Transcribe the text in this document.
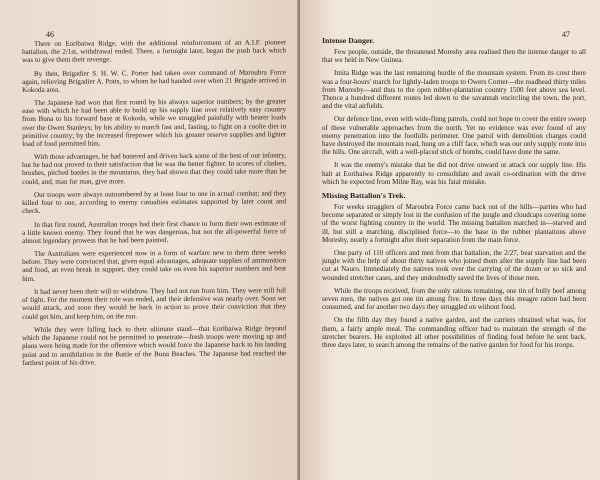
46

There on Eoribaiwa Ridge, with the additional reinforcement of an A.I.F. pioneer battalion, the 2/1st, withdrawal ended. There, a fortnight later, began the push back which was to give them their revenge.

By then, Brigadier S. H. W. C. Porter had taken over command of Maroubra Force again, relieving Brigadier A. Potts, to whom he had handed over when 21 Brigade arrived in Kokoda area.

The Japanese had won that first round by his always superior numbers; by the greater ease with which he had been able to build up his supply line over relatively easy country from Buna to his forward base at Kokoda, while we struggled painfully with bearer loads over the Owen Stanleys; by his ability to march fast and, fasting, to fight on a coolie diet in primitive country; by the increased firepower which his greater reserve supplies and lighter load of food permitted him.

With those advantages, he had battered and driven back some of the best of our infantry, but he had not proved to their satisfaction that he was the better fighter. In scores of clashes, brushes, pitched battles in the mountains, they had shown that they could take more than he could, and, man for man, give more.

Our troops were always outnumbered by at least four to one in actual combat; and they killed four to one, according to enemy casualties estimates supported by later count and check.

In that first round, Australian troops had their first chance to form their own estimate of a little known enemy. They found that he was dangerous, but not the all-powerful force of almost legendary prowess that he had been painted.

The Australians were experienced now in a form of warfare new to them three weeks before. They were convinced that, given equal advantages, adequate supplies of ammunition and food, an even break in support, they could take on even his superior numbers and beat him.

It had never been their will to withdraw. They had not run from him. They were still full of fight. For the moment their role was ended, and their defensive was nearly over. Soon we would attack, and soon they would be back in action to prove their conviction that they could get him, and keep him, on the run.

While they were falling back to their ultimate stand—that Eoribaiwa Ridge beyond which the Japanese could not be permitted to penetrate—fresh troops were moving up and plans were being made for the offensive which would force the Japanese back to his landing point and to annihilation in the Battle of the Buna Beaches. The Japanese had reached the farthest point of his drive.

47
Intense Danger.

Few people, outside, the threatened Moresby area realised then the intense danger to all that we held in New Guinea.

Imita Ridge was the last remaining hurdle of the mountain system. From its crest there was a four-hours' march for lightly-laden troops to Owers Corner—the roadhead thirty miles from Moresby—and thus to the open rubber-plantation country 1500 feet above sea level. Thence a hundred different routes led down to the savannah encircling the town, the port, and the vital airfields.

Our defence line, even with wide-flung patrols, could not hope to cover the entire sweep of these vulnerable approaches from the north. Yet no evidence was ever found of any enemy penetration into the foothills perimeter. One patrol with demolition charges could have destroyed the mountain road, hung on a cliff face, which was our only supply route into the hills. One aircraft, with a well-placed stick of bombs, could have done the same.

It was the enemy's mistake that he did not drive onward or attack our supply line. His halt at Eoribaiwa Ridge apparently to consolidate and await co-ordination with the drive which he expected from Milne Bay, was his fatal mistake.

Missing Battalion's Trek.

For weeks stragglers of Maroubra Force came back out of the hills—parties who had become separated or simply lost in the confusion of the jungle and cloudcaps covering some of the worst fighting country in the world. The missing battalion marched in—starved and ill, but still a marching, disciplined force—to the base in the rubber plantations above Moresby, nearly a fortnight after their separation from the main force.

One party of 110 officers and men from that battalion, the 2/27, beat starvation and the jungle with the help of about thirty natives who joined them after the supply line had been cut at Nauro. Immediately the natives took over the carrying of the dozen or so sick and wounded stretcher cases, and they undoubtedly saved the lives of those men.

While the troops received, from the only rations remaining, one tin of bully beef among seven men, the natives got one tin among five. In three days this meagre ration had been consumed, and for another two days they struggled on without food.

On the fifth day they found a native garden, and the carriers obtained what was, for them, a fairly ample meal. The commanding officer had to maintain the strength of the stretcher bearers. He exploited all other possibilities of finding food before he sent back, three days later, to search among the remains of the native garden for food for his troops.
